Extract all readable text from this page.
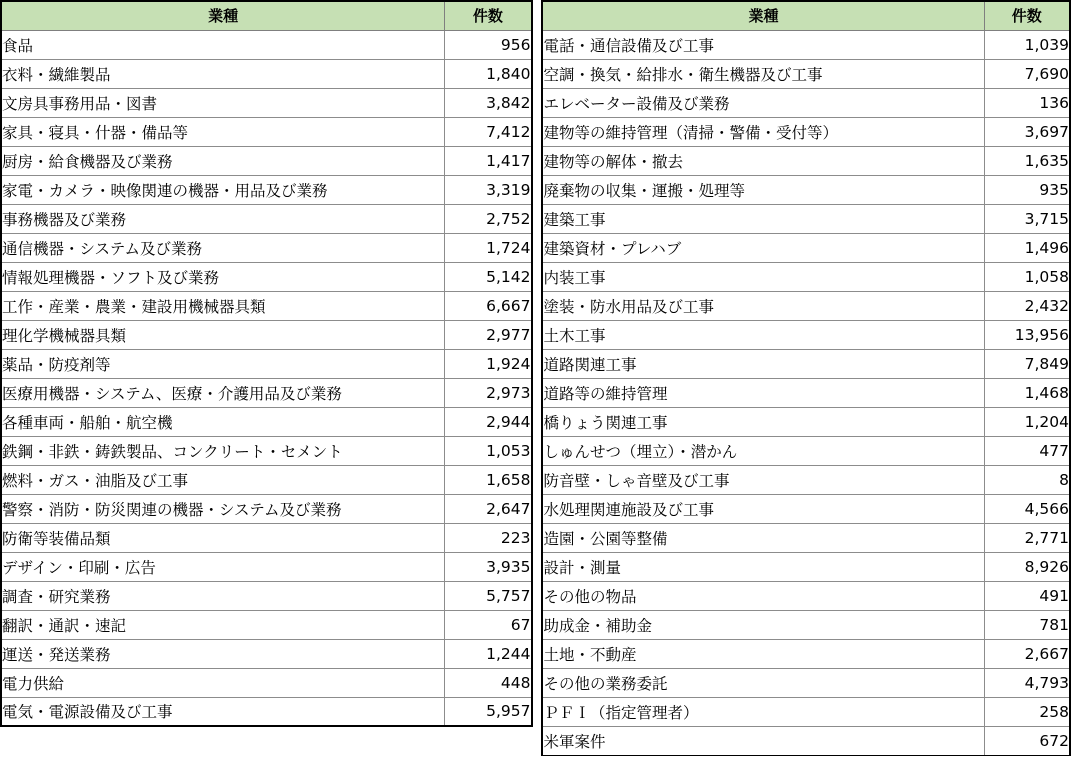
業種	件数
食品	956
衣料・繊維製品	1,840
文房具事務用品・図書	3,842
家具・寝具・什器・備品等	7,412
厨房・給食機器及び業務	1,417
家電・カメラ・映像関連の機器・用品及び業務	3,319
事務機器及び業務	2,752
通信機器・システム及び業務	1,724
情報処理機器・ソフト及び業務	5,142
工作・産業・農業・建設用機械器具類	6,667
理化学機械器具類	2,977
薬品・防疫剤等	1,924
医療用機器・システム、医療・介護用品及び業務	2,973
各種車両・船舶・航空機	2,944
鉄鋼・非鉄・鋳鉄製品、コンクリート・セメント	1,053
燃料・ガス・油脂及び工事	1,658
警察・消防・防災関連の機器・システム及び業務	2,647
防衛等装備品類	223
デザイン・印刷・広告	3,935
調査・研究業務	5,757
翻訳・通訳・速記	67
運送・発送業務	1,244
電力供給	448
電気・電源設備及び工事	5,957
業種	件数
電話・通信設備及び工事	1,039
空調・換気・給排水・衛生機器及び工事	7,690
エレベーター設備及び業務	136
建物等の維持管理（清掃・警備・受付等）	3,697
建物等の解体・撤去	1,635
廃棄物の収集・運搬・処理等	935
建築工事	3,715
建築資材・プレハブ	1,496
内装工事	1,058
塗装・防水用品及び工事	2,432
土木工事	13,956
道路関連工事	7,849
道路等の維持管理	1,468
橋りょう関連工事	1,204
しゅんせつ（埋立）・潜かん	477
防音壁・しゃ音壁及び工事	8
水処理関連施設及び工事	4,566
造園・公園等整備	2,771
設計・測量	8,926
その他の物品	491
助成金・補助金	781
土地・不動産	2,667
その他の業務委託	4,793
ＰＦＩ（指定管理者）	258
米軍案件	672
